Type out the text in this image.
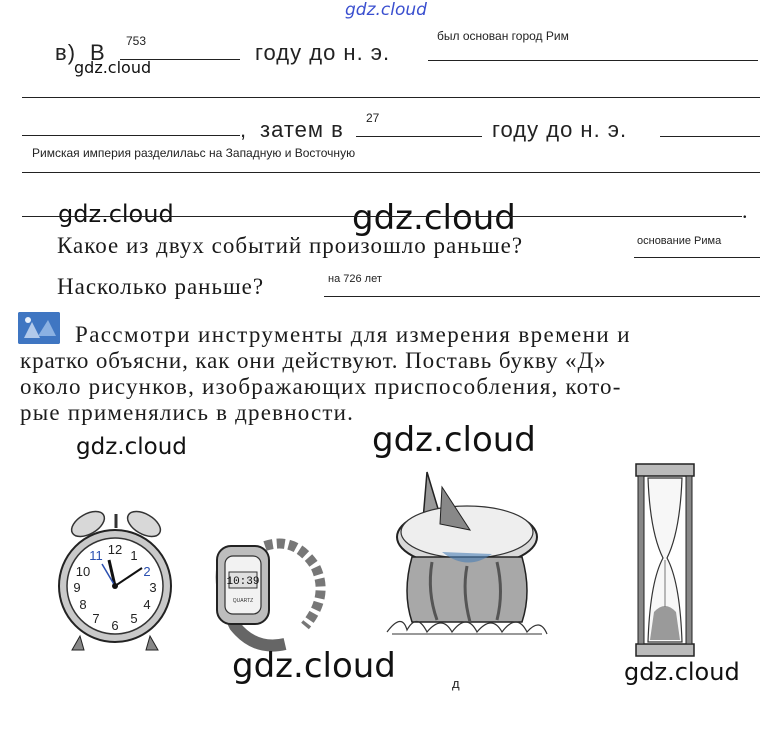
gdz.cloud
в) В 753	году до н. э.
был основан город Рим
gdz.cloud
, затем в 27	году до н. э.
Римская империя разделилаьс на Западную и Восточную
gdz.cloud	gdz.cloud	.
Какое из двух событий произошло раньше?	основание Рима
Насколько раньше?	на 726 лет
Рассмотри инструменты для измерения времени и
кратко объясни, как они действуют. Поставь букву «Д»
около рисунков, изображающих приспособления, кото-
рые применялись в древности.
gdz.cloud	gdz.cloud
12 1
2
3
4
5
6
7
8
9
10
11
10:39
QUARTZ
д
gdz.cloud	gdz.cloud
